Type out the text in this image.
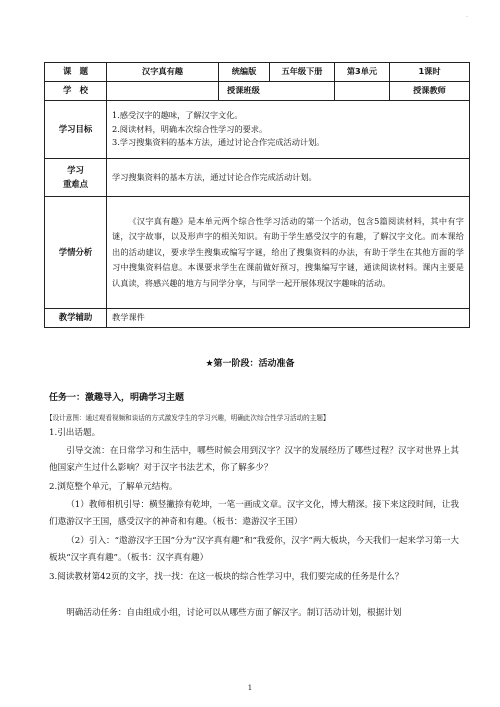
.
课　题	汉字真有趣	统编版	五年级下册	第3单元	1课时
学　校		授课班级			授课教师
学习目标	1.感受汉字的趣味，了解汉字文化。

2.阅读材料，明确本次综合性学习的要求。

3.学习搜集资料的基本方法，通过讨论合作完成活动计划。				

学习
重难点	学习搜集资料的基本方法，通过讨论合作完成活动计划。				
学情分析	《汉字真有趣》是本单元两个综合性学习活动的第一个活动，包含5篇阅读材料，其中有字谜，汉字故事，以及形声字的相关知识。有助于学生感受汉字的有趣，了解汉字文化。而本课给出的活动建议，要求学生搜集或编写字谜，给出了搜集资料的办法，有助于学生在其他方面的学习中搜集资料信息。本课要求学生在课前做好预习，搜集编写字谜，通读阅读材料。课内主要是认真读，将感兴趣的地方与同学分享，与同学一起开展体现汉字趣味的活动。				
教学辅助	教学课件				
★第一阶段：活动准备
任务一：激趣导入，明确学习主题
【设计意图：通过观看视频和谈话的方式激发学生的学习兴趣，明确此次综合性学习活动的主题】
1.引出话题。
引导交流：在日常学习和生活中，哪些时候会用到汉字？汉字的发展经历了哪些过程？汉字对世界上其他国家产生过什么影响？对于汉字书法艺术，你了解多少？
2.浏览整个单元，了解单元结构。
（1）教师相机引导：横竖撇捺有乾坤，一笔一画成文章。汉字文化，博大精深。接下来这段时间，让我们遨游汉字王国，感受汉字的神奇和有趣。（板书：遨游汉字王国）
（2）引入：“遨游汉字王国”分为“汉字真有趣”和“我爱你，汉字”两大板块，今天我们一起来学习第一大板块“汉字真有趣”。（板书：汉字真有趣）
3.阅读教材第42页的文字，找一找：在这一板块的综合性学习中，我们要完成的任务是什么？
明确活动任务：自由组成小组，讨论可以从哪些方面了解汉字。制订活动计划，根据计划
1
